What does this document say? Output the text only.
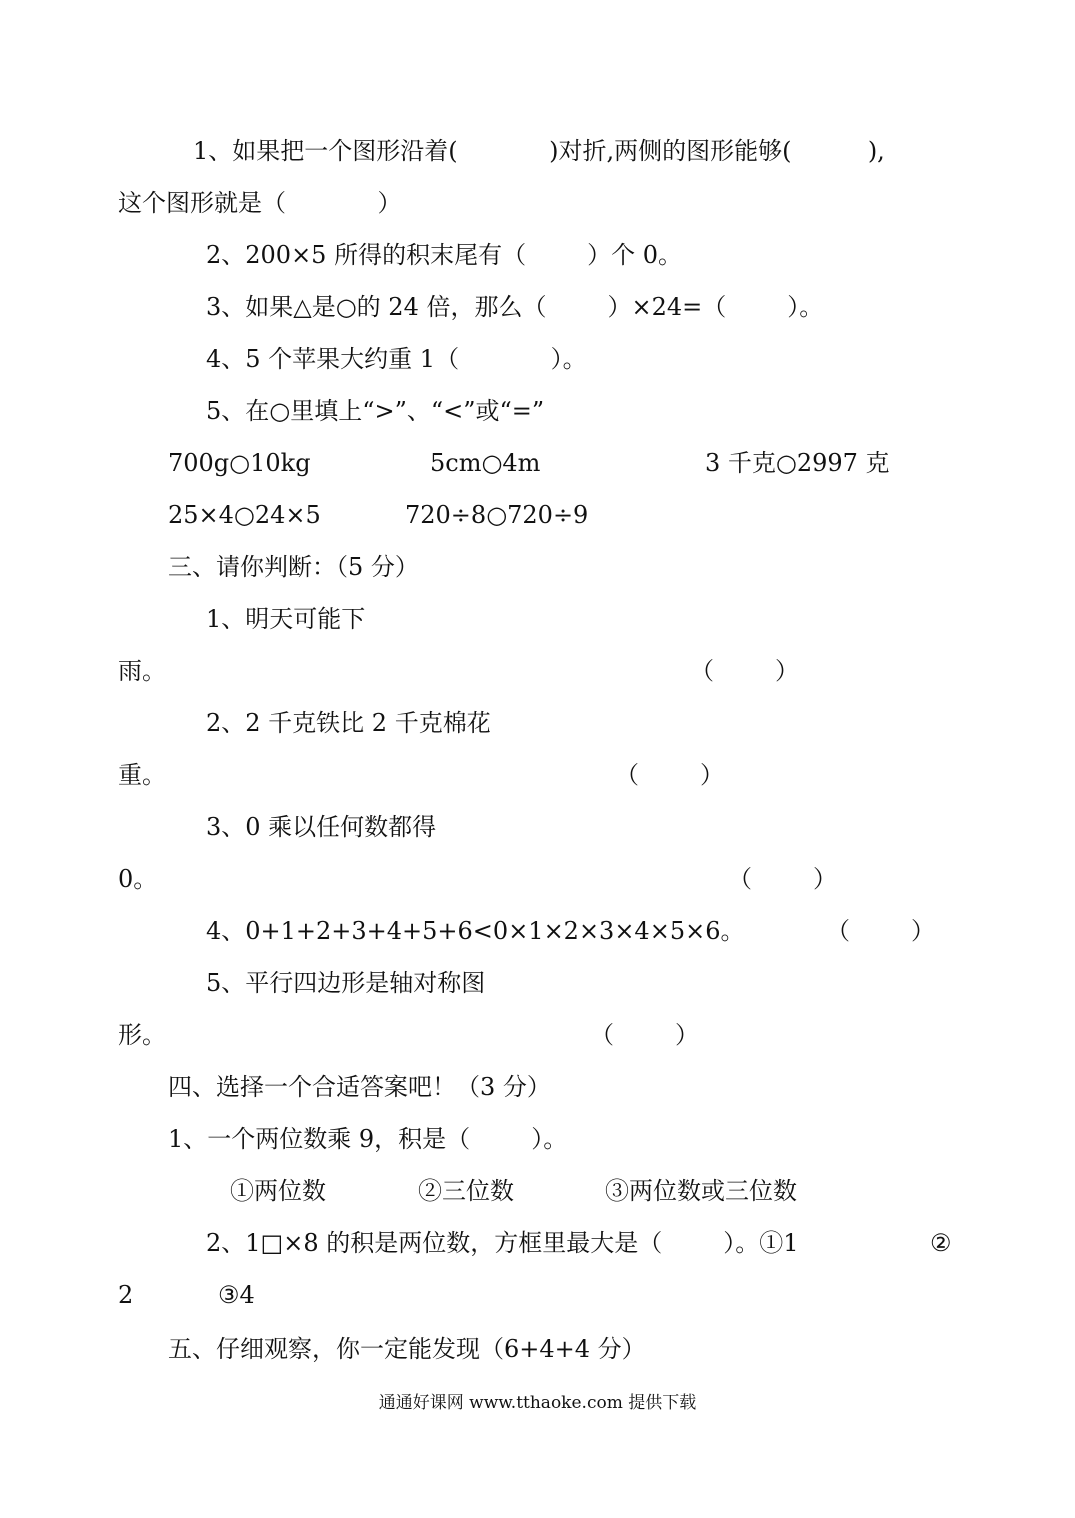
1、如果把一个图形沿着(            )对折,两侧的图形能够(          ),
这个图形就是（            ）
2、200×5 所得的积末尾有（        ）个 0。
3、如果△是○的 24 倍，那么（        ）×24=（        ）。
4、5 个苹果大约重 1（            ）。
5、在○里填上“>”、“<”或“=”
700g○10kg	5cm○4m	3 千克○2997 克
25×4○24×5	720÷8○720÷9
三、请你判断：（5 分）
1、明天可能下
雨。	（        ）
2、2 千克铁比 2 千克棉花
重。	（        ）
3、0 乘以任何数都得
0。	（        ）
4、0+1+2+3+4+5+6<0×1×2×3×4×5×6。	（        ）
5、平行四边形是轴对称图
形。	（        ）
四、选择一个合适答案吧！（3 分）
1、一个两位数乘 9，积是（        ）。
①两位数	②三位数	③两位数或三位数
2、1□×8 的积是两位数，方框里最大是（        ）。①1	②
2	③4
五、仔细观察，你一定能发现（6+4+4 分）
通通好课网 www.tthaoke.com 提供下载
